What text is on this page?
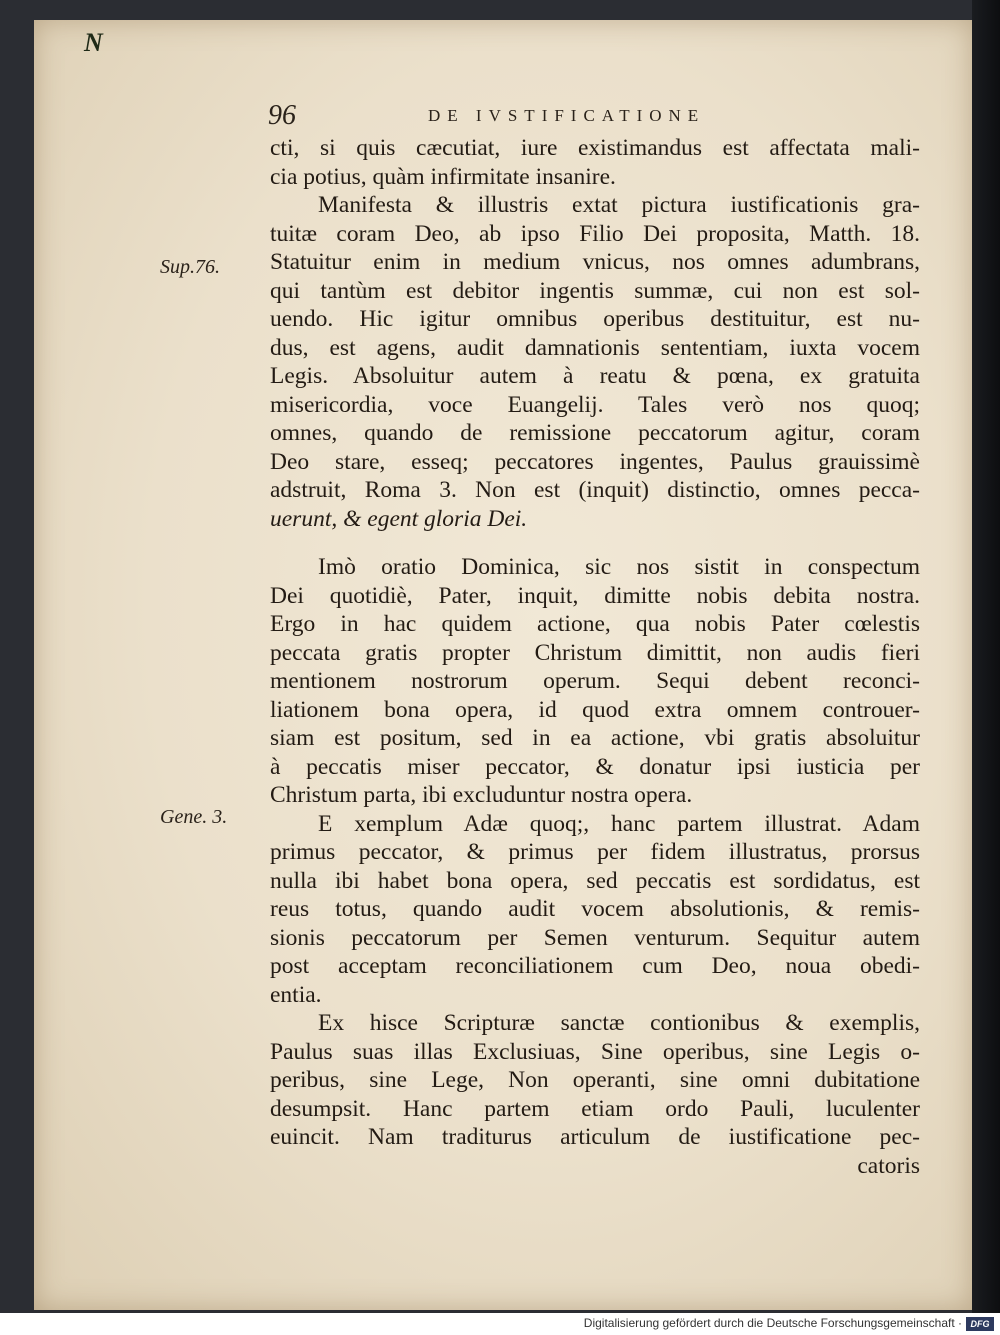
N
96	DE IVSTIFICATIONE
Sup.76.
Gene. 3.
cti, si quis cæcutiat, iure existimandus est affectata mali-
cia potius, quàm infirmitate insanire.
Manifesta & illustris extat pictura iustificationis gra-
tuitæ coram Deo, ab ipso Filio Dei proposita, Matth. 18.
Statuitur enim in medium vnicus, nos omnes adumbrans,
qui tantùm est debitor ingentis summæ, cui non est sol-
uendo. Hic igitur omnibus operibus destituitur, est nu-
dus, est agens, audit damnationis sententiam, iuxta vocem
Legis. Absoluitur autem à reatu & pœna, ex gratuita
misericordia, voce Euangelij. Tales verò nos quoq;
omnes, quando de remissione peccatorum agitur, coram
Deo stare, esseq; peccatores ingentes, Paulus grauissimè
adstruit, Roma 3. Non est (inquit) distinctio, omnes pecca-
uerunt, & egent gloria Dei.
Imò oratio Dominica, sic nos sistit in conspectum
Dei quotidiè, Pater, inquit, dimitte nobis debita nostra.
Ergo in hac quidem actione, qua nobis Pater cœlestis
peccata gratis propter Christum dimittit, non audis fieri
mentionem nostrorum operum. Sequi debent reconci-
liationem bona opera, id quod extra omnem controuer-
siam est positum, sed in ea actione, vbi gratis absoluitur
à peccatis miser peccator, & donatur ipsi iusticia per
Christum parta, ibi excluduntur nostra opera.
E xemplum Adæ quoq;, hanc partem illustrat. Adam
primus peccator, & primus per fidem illustratus, prorsus
nulla ibi habet bona opera, sed peccatis est sordidatus, est
reus totus, quando audit vocem absolutionis, & remis-
sionis peccatorum per Semen venturum. Sequitur autem
post acceptam reconciliationem cum Deo, noua obedi-
entia.
Ex hisce Scripturæ sanctæ contionibus & exemplis,
Paulus suas illas Exclusiuas, Sine operibus, sine Legis o-
peribus, sine Lege, Non operanti, sine omni dubitatione
desumpsit. Hanc partem etiam ordo Pauli, luculenter
euincit. Nam traditurus articulum de iustificatione pec-
catoris
Digitalisierung gefördert durch die Deutsche Forschungsgemeinschaft · DFG
